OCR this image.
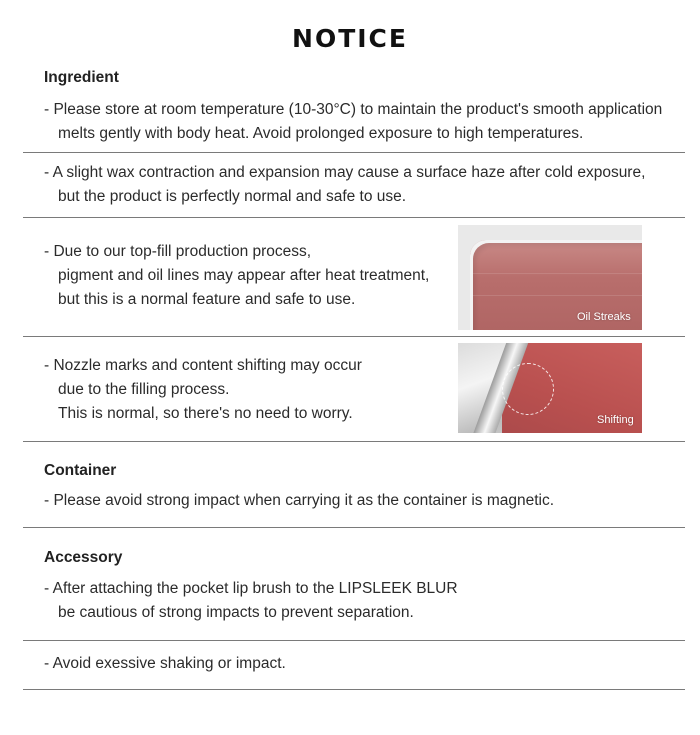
NOTICE
Ingredient
- Please store at room temperature (10-30°C) to maintain the product's smooth application
melts gently with body heat. Avoid prolonged exposure to high temperatures.
- A slight wax contraction and expansion may cause a surface haze after cold exposure,
but the product is perfectly normal and safe to use.
- Due to our top-fill production process,
pigment and oil lines may appear after heat treatment,
but this is a normal feature and safe to use.
Oil Streaks
- Nozzle marks and content shifting may occur
due to the filling process.
This is normal, so there's no need to worry.	Shifting
Container
- Please avoid strong impact when carrying it as the container is magnetic.
Accessory
- After attaching the pocket lip brush to the LIPSLEEK BLUR
be cautious of strong impacts to prevent separation.
- Avoid exessive shaking or impact.
